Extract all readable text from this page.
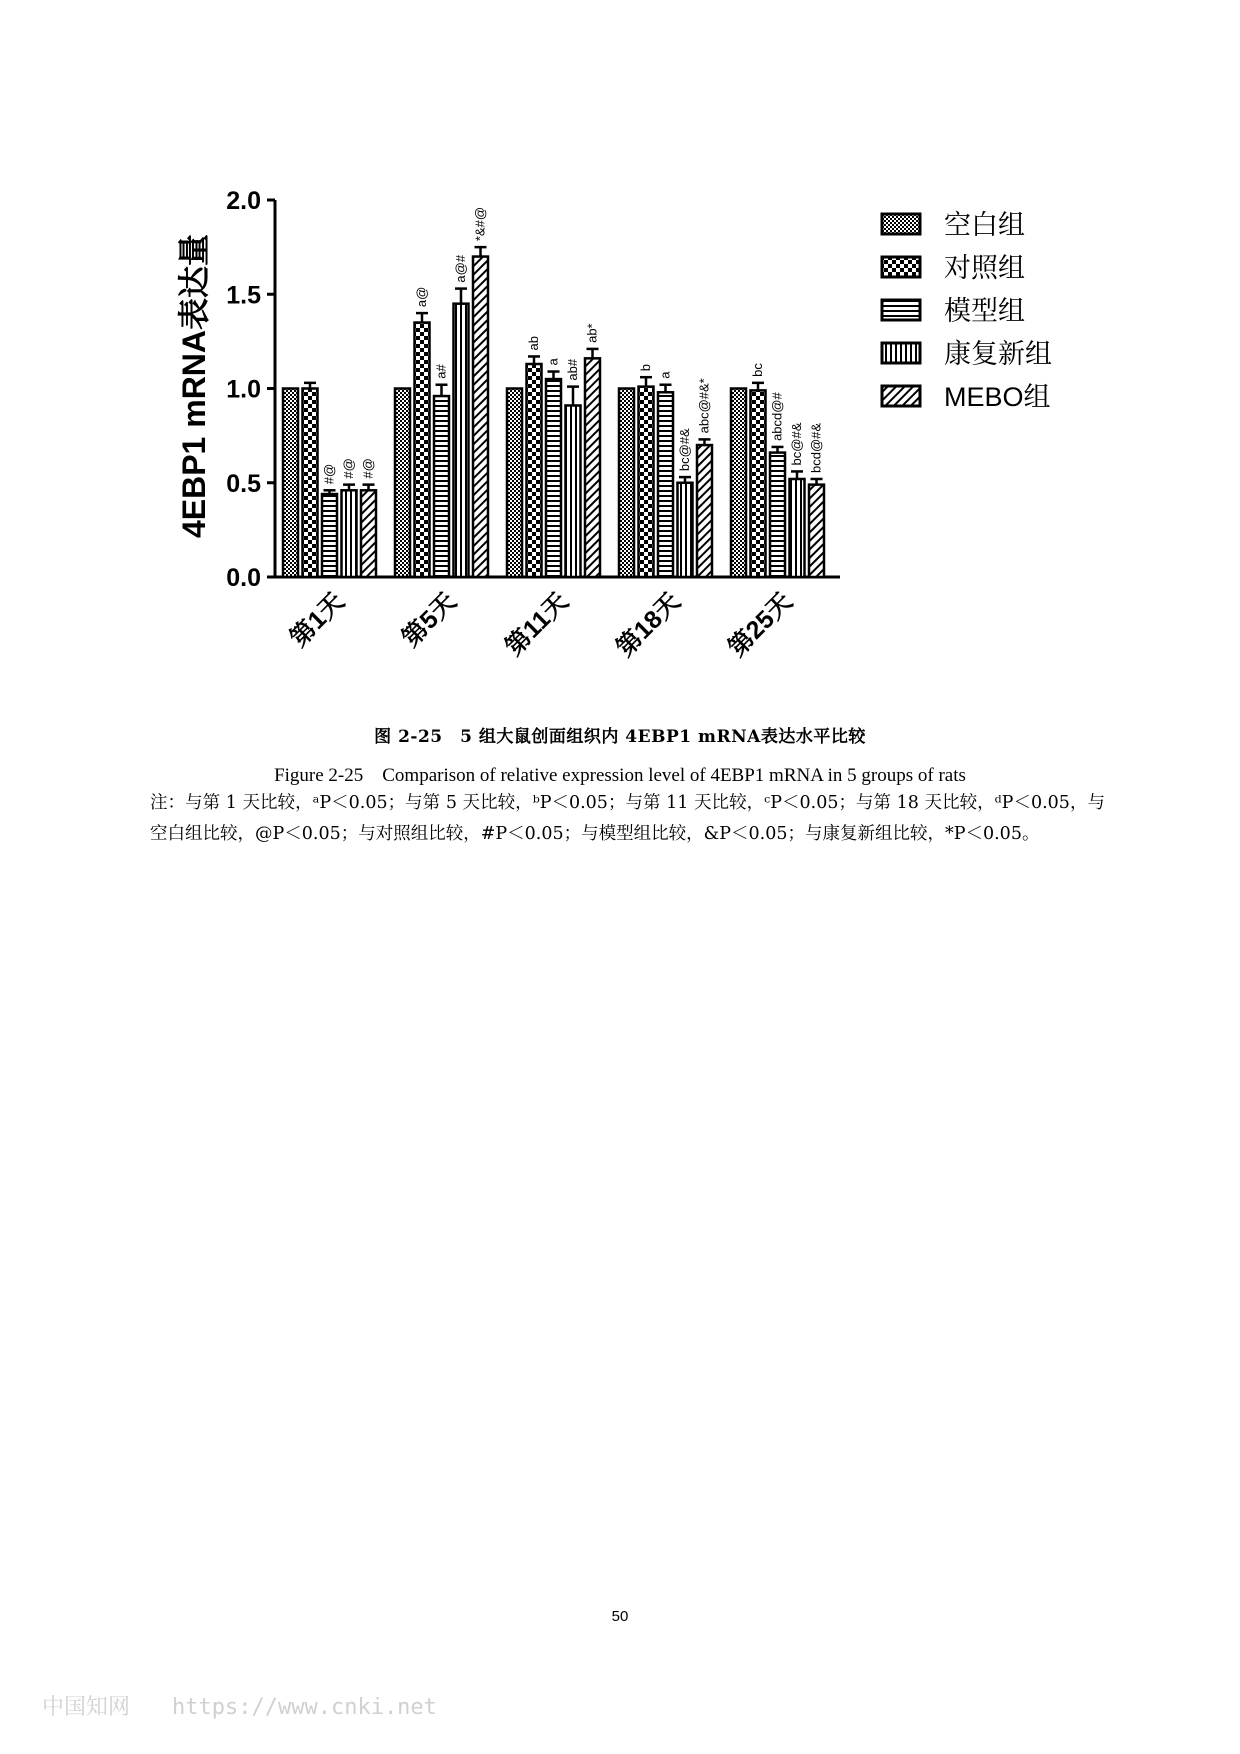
4EBP1 mRNA表达量
0.0
0.5
1.0
1.5
2.0
第1天 第5天 第11天 第18天 第25天
#@ #@ #@
a@
a#
a@#
*&#@
ab
a ab#
ab*
b
a
bc@#&
abc@#&*
bc
abcd@#
bc@#& bcd@#&
空白组
对照组
模型组
康复新组
MEBO组
图 2-25　5 组大鼠创面组织内 4EBP1 mRNA表达水平比较
Figure 2-25　Comparison of relative expression level of 4EBP1 mRNA in 5 groups of rats
注：与第 1 天比较，ᵃP＜0.05；与第 5 天比较，ᵇP＜0.05；与第 11 天比较，ᶜP＜0.05；与第 18 天比较，ᵈP＜0.05，与空白组比较，@P＜0.05；与对照组比较，#P＜0.05；与模型组比较，&P＜0.05；与康复新组比较，*P＜0.05。
50
中国知网 https://www.cnki.net
